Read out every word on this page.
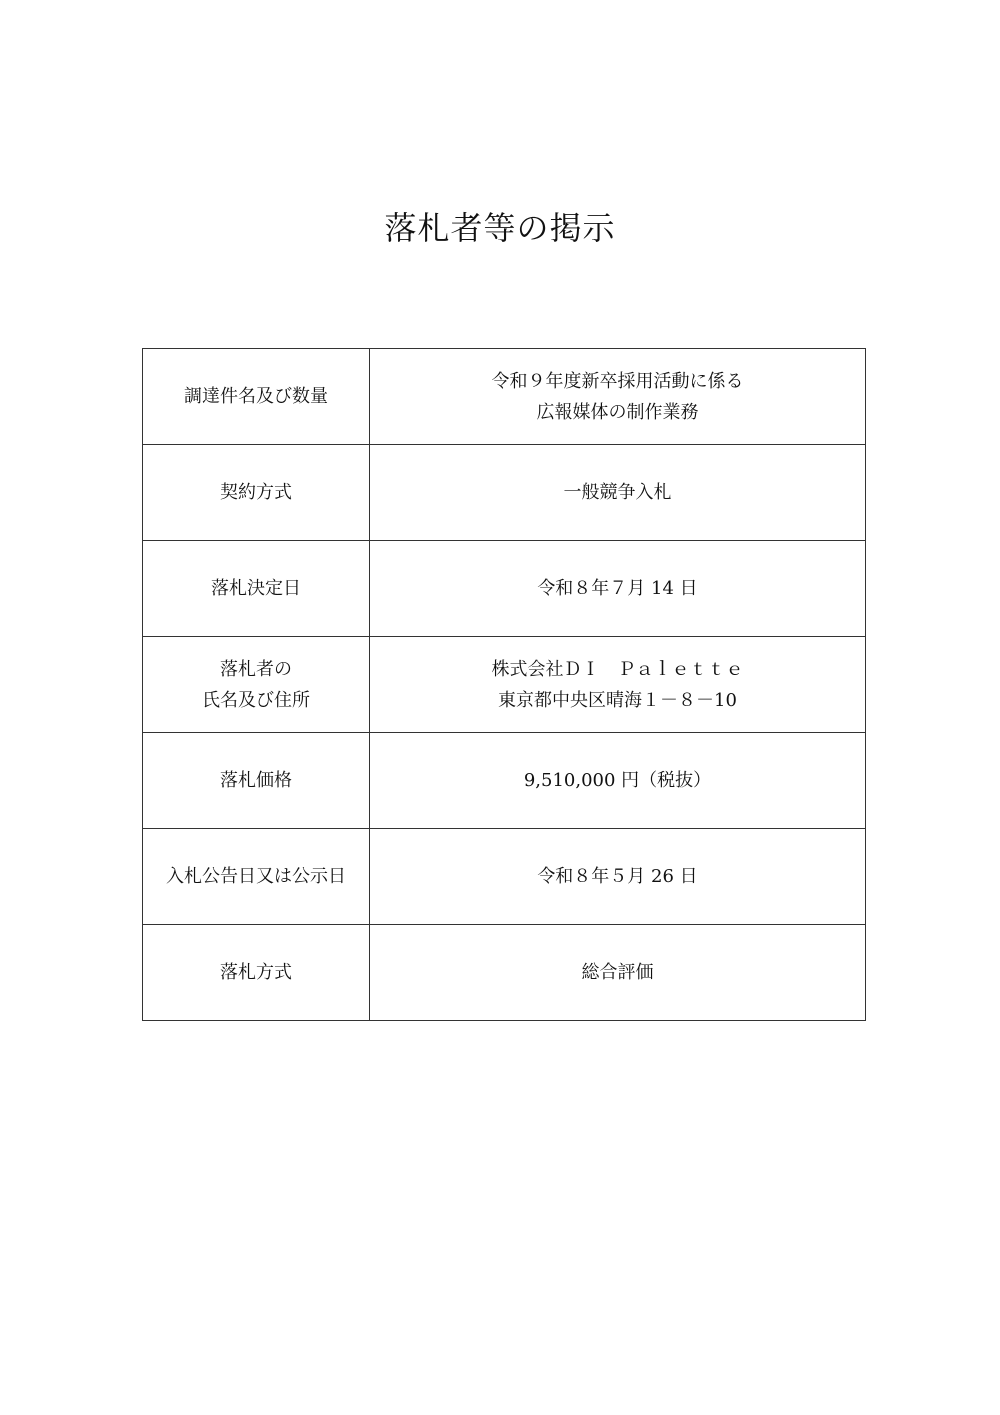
落札者等の掲示
調達件名及び数量	令和９年度新卒採用活動に係る
広報媒体の制作業務

契約方式	一般競争入札

落札決定日	令和８年７月 14 日

落札者の
氏名及び住所	株式会社ＤＩ　Ｐａｌｅｔｔｅ
東京都中央区晴海１－８－10

落札価格	9,510,000 円（税抜）

入札公告日又は公示日	令和８年５月 26 日

落札方式	総合評価
